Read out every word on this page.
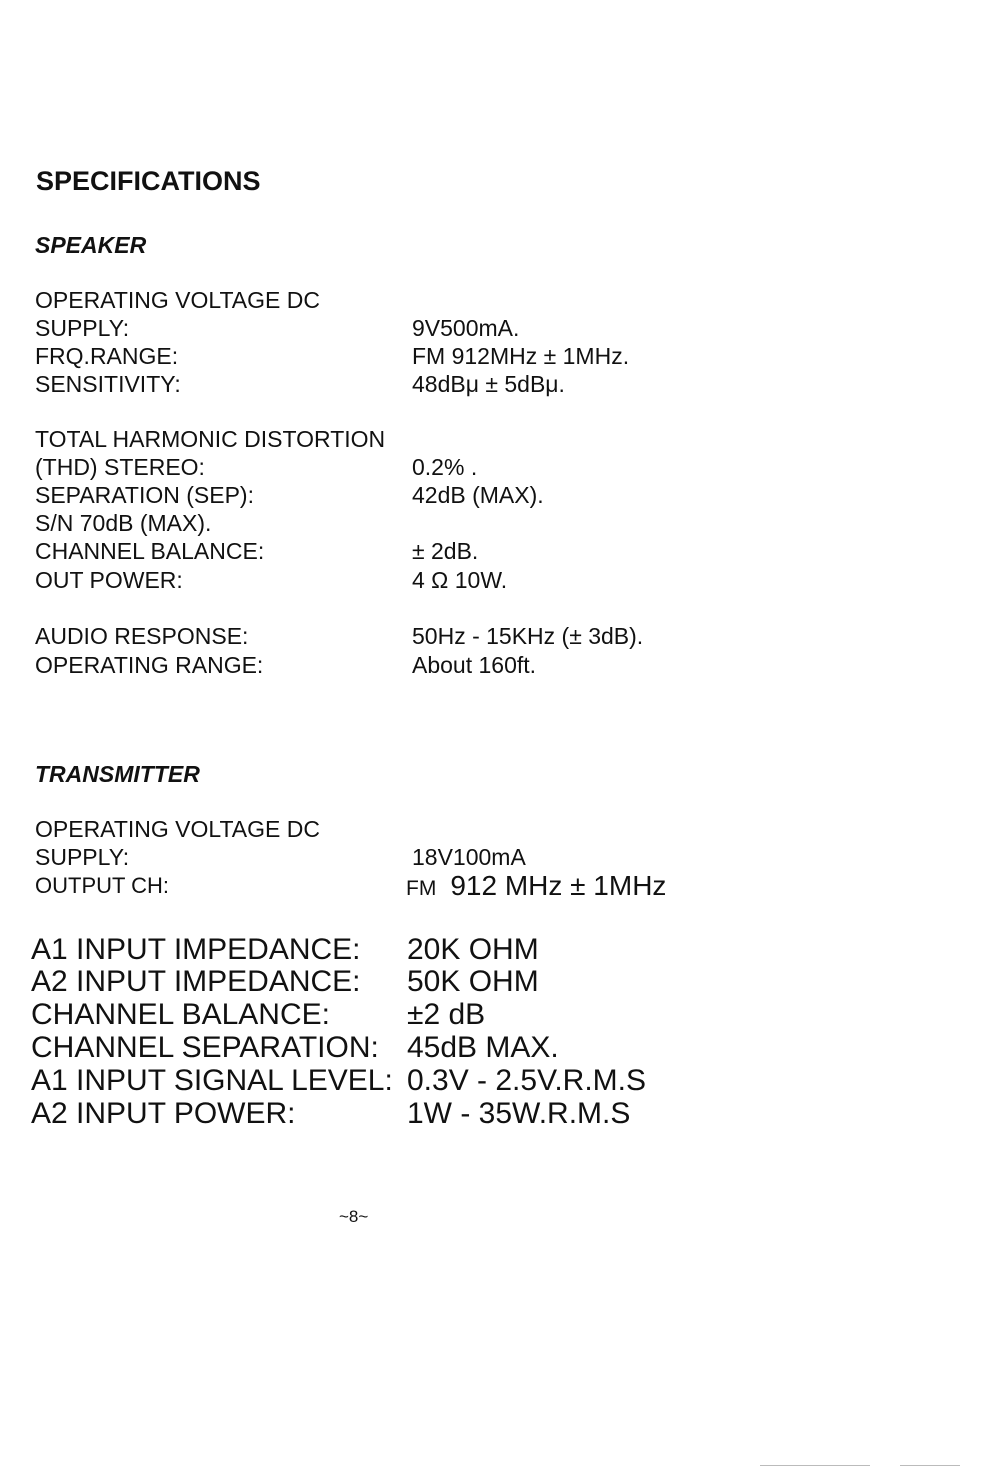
SPECIFICATIONS
SPEAKER
OPERATING VOLTAGE DC
SUPPLY:	9V500mA.
FRQ.RANGE:	FM 912MHz ± 1MHz.
SENSITIVITY:	48dBμ ± 5dBμ.
TOTAL HARMONIC DISTORTION
(THD) STEREO:	0.2% .
SEPARATION (SEP):	42dB (MAX).
S/N 70dB (MAX).
CHANNEL BALANCE:	± 2dB.
OUT POWER:	4 Ω 10W.
AUDIO RESPONSE:	50Hz - 15KHz (± 3dB).
OPERATING RANGE:	About 160ft.
TRANSMITTER
OPERATING VOLTAGE DC
SUPPLY:	18V100mA
OUTPUT CH:	FM 912 MHz ± 1MHz
A1 INPUT IMPEDANCE: 20K OHM
A2 INPUT IMPEDANCE: 50K OHM
CHANNEL BALANCE:	±2 dB
CHANNEL SEPARATION: 45dB MAX.
A1 INPUT SIGNAL LEVEL: 0.3V - 2.5V.R.M.S
A2 INPUT POWER:	1W - 35W.R.M.S
~8~
